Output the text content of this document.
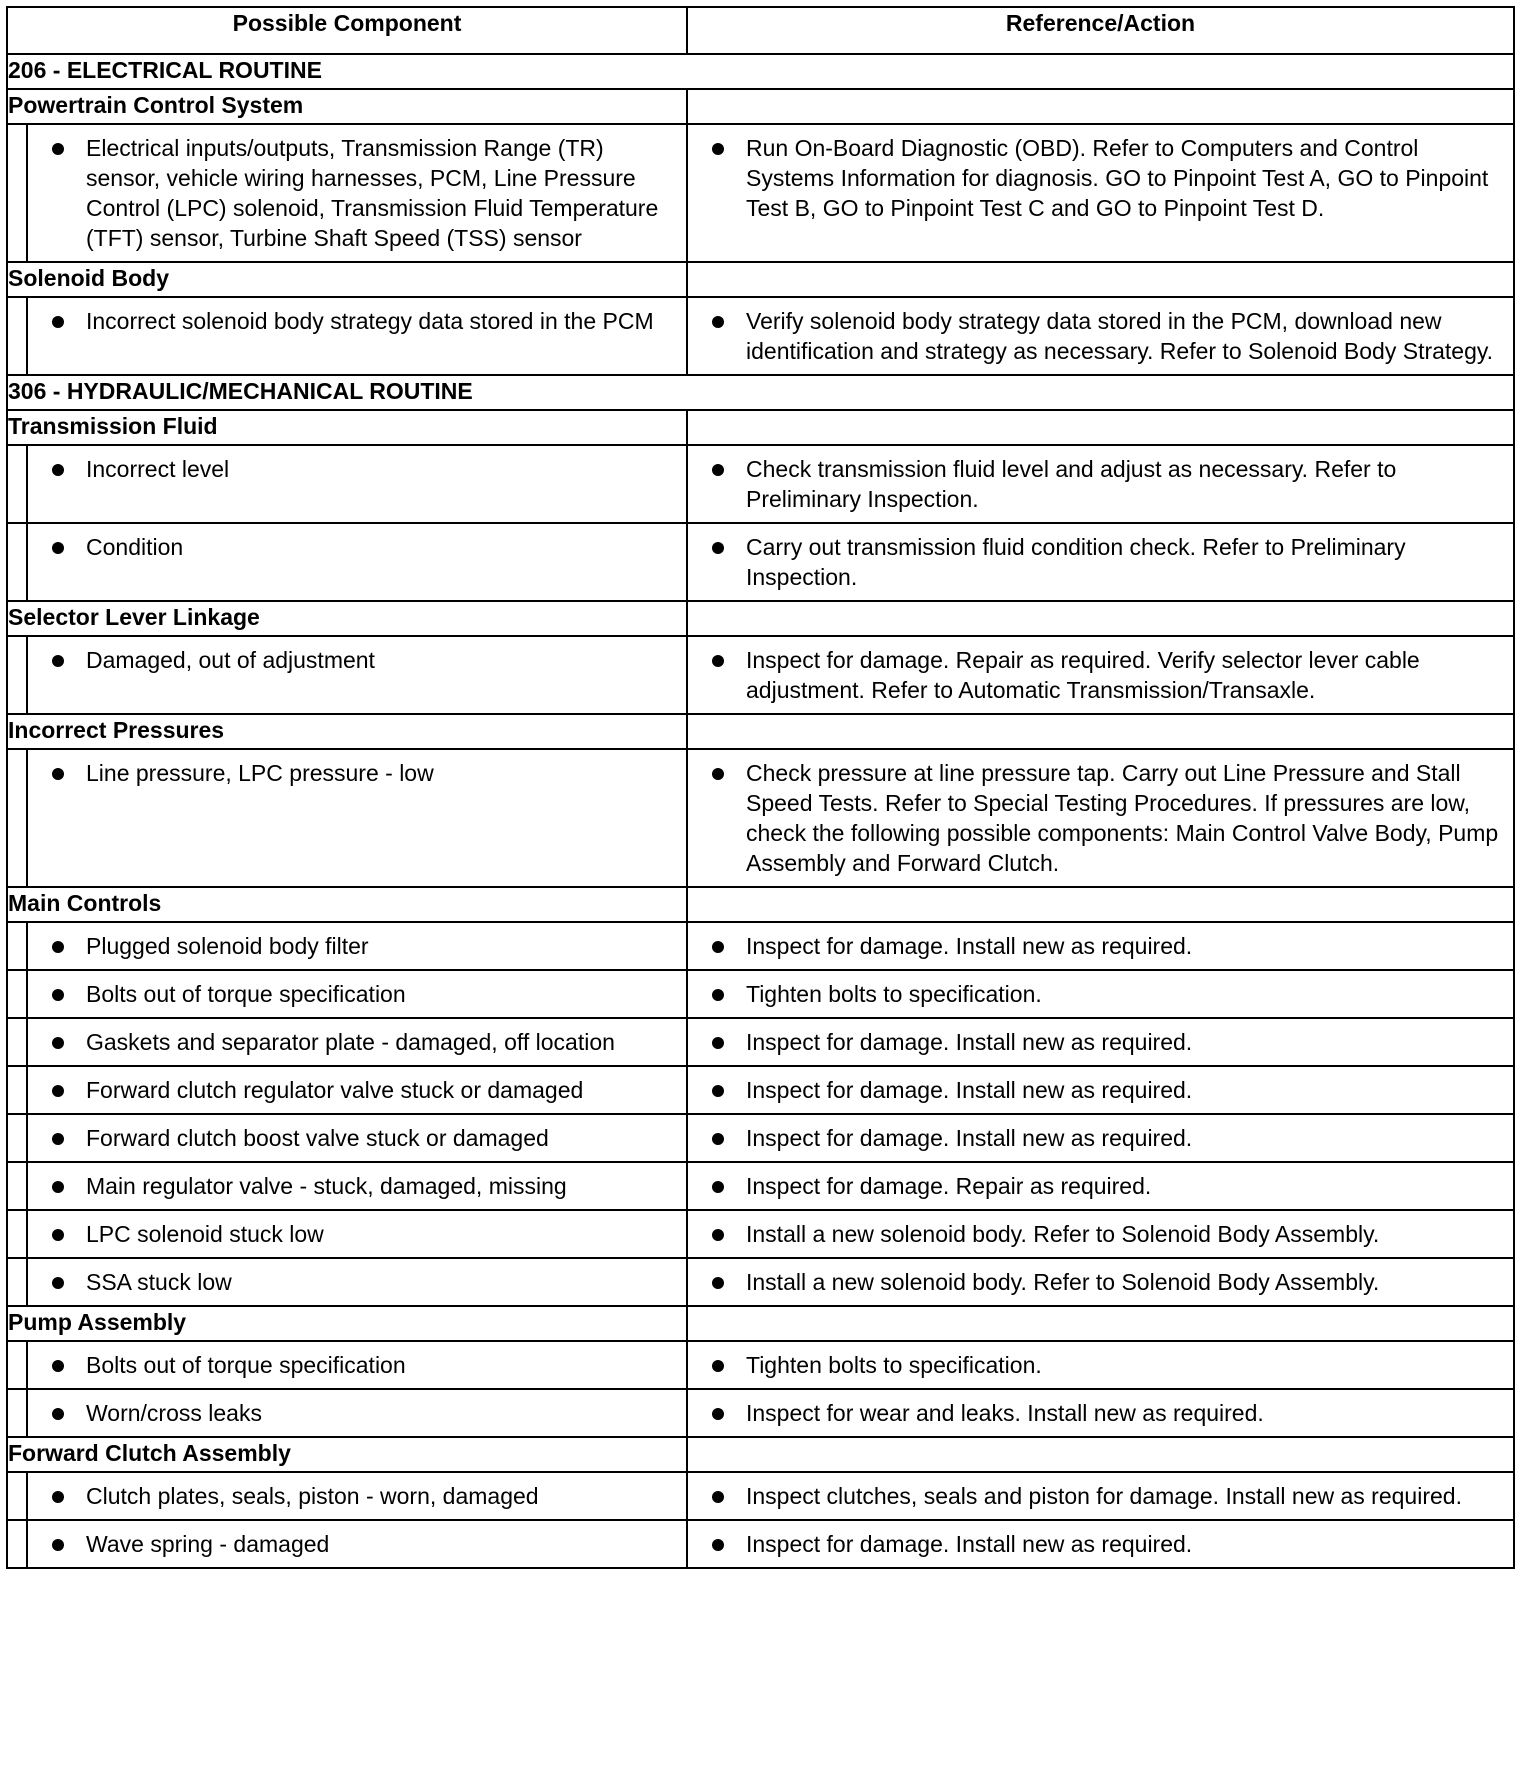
Possible Component		Reference/Action
206 - ELECTRICAL ROUTINE		
Powertrain Control System		

	Electrical inputs/outputs, Transmission Range (TR) sensor, vehicle wiring harnesses, PCM, Line Pressure Control (LPC) solenoid, Transmission Fluid Temperature (TFT) sensor, Turbine Shaft Speed (TSS) sensor	Run On-Board Diagnostic (OBD). Refer to Computers and Control Systems Information for diagnosis. GO to Pinpoint Test A, GO to Pinpoint Test B, GO to Pinpoint Test C and GO to Pinpoint Test D.

Solenoid Body		

	Incorrect solenoid body strategy data stored in the PCM	Verify solenoid body strategy data stored in the PCM, download new identification and strategy as necessary. Refer to Solenoid Body Strategy.

306 - HYDRAULIC/MECHANICAL ROUTINE		
Transmission Fluid		

	Incorrect level	Check transmission fluid level and adjust as necessary. Refer to Preliminary Inspection.

	Condition	Carry out transmission fluid condition check. Refer to Preliminary Inspection.

Selector Lever Linkage		

	Damaged, out of adjustment	Inspect for damage. Repair as required. Verify selector lever cable adjustment. Refer to Automatic Transmission/Transaxle.

Incorrect Pressures		

	Line pressure, LPC pressure - low	Check pressure at line pressure tap. Carry out Line Pressure and Stall Speed Tests. Refer to Special Testing Procedures. If pressures are low, check the following possible components: Main Control Valve Body, Pump Assembly and Forward Clutch.

Main Controls		

	Plugged solenoid body filter	Inspect for damage. Install new as required.

	Bolts out of torque specification	Tighten bolts to specification.

	Gaskets and separator plate - damaged, off location	Inspect for damage. Install new as required.

	Forward clutch regulator valve stuck or damaged	Inspect for damage. Install new as required.

	Forward clutch boost valve stuck or damaged	Inspect for damage. Install new as required.

	Main regulator valve - stuck, damaged, missing	Inspect for damage. Repair as required.

	LPC solenoid stuck low	Install a new solenoid body. Refer to Solenoid Body Assembly.

	SSA stuck low	Install a new solenoid body. Refer to Solenoid Body Assembly.

Pump Assembly		

	Bolts out of torque specification	Tighten bolts to specification.

	Worn/cross leaks	Inspect for wear and leaks. Install new as required.

Forward Clutch Assembly		

	Clutch plates, seals, piston - worn, damaged	Inspect clutches, seals and piston for damage. Install new as required.

	Wave spring - damaged	Inspect for damage. Install new as required.
